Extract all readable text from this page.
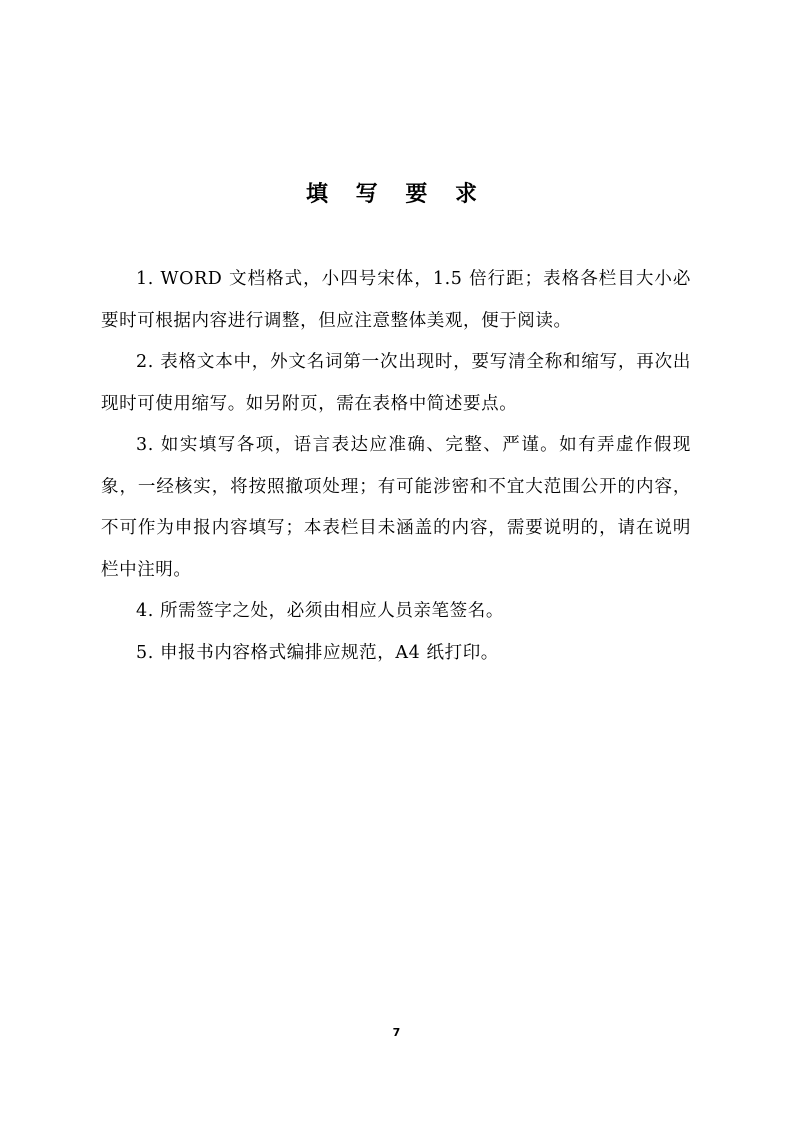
填 写 要 求

1. WORD 文档格式，小四号宋体，1.5 倍行距；表格各栏目大小必要时可根据内容进行调整，但应注意整体美观，便于阅读。

2. 表格文本中，外文名词第一次出现时，要写清全称和缩写，再次出现时可使用缩写。如另附页，需在表格中简述要点。

3. 如实填写各项，语言表达应准确、完整、严谨。如有弄虚作假现象，一经核实，将按照撤项处理；有可能涉密和不宜大范围公开的内容，不可作为申报内容填写；本表栏目未涵盖的内容，需要说明的，请在说明栏中注明。

4. 所需签字之处，必须由相应人员亲笔签名。

5. 申报书内容格式编排应规范，A4 纸打印。

7
